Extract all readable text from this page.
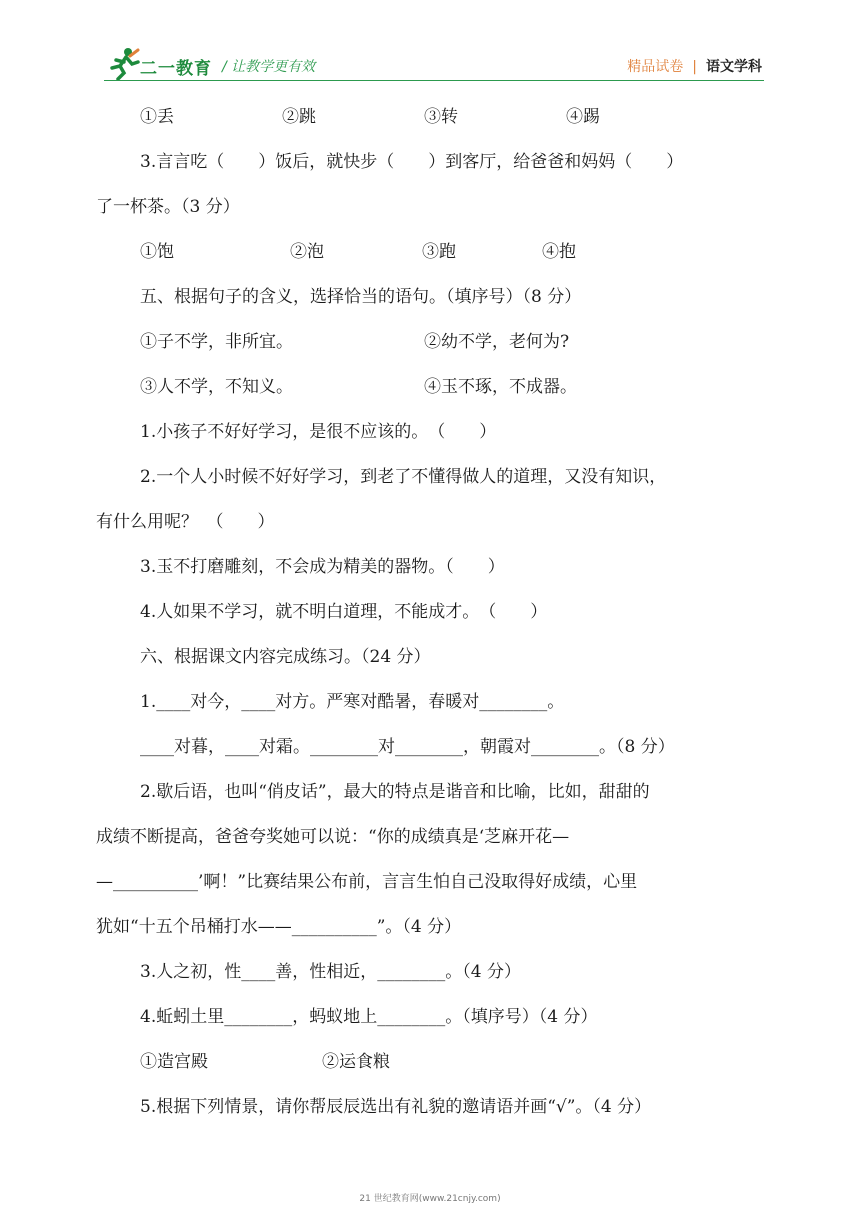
二一教育 / 让教学更有效	精品试卷 | 语文学科
①丢	②跳	③转	④踢
3.言言吃（　　）饭后，就快步（　　）到客厅，给爸爸和妈妈（　　）
了一杯茶。（3 分）
①饱	②泡	③跑	④抱
五、根据句子的含义，选择恰当的语句。（填序号）（8 分）
①子不学，非所宜。	②幼不学，老何为?
③人不学，不知义。	④玉不琢，不成器。
1.小孩子不好好学习，是很不应该的。　（　　）
2.一个人小时候不好好学习，到老了不懂得做人的道理，又没有知识，
有什么用呢？　（　　）
3.玉不打磨雕刻，不会成为精美的器物。（　　）
4.人如果不学习，就不明白道理，不能成才。　（　　）
六、根据课文内容完成练习。（24 分）
1.____对今，____对方。严寒对酷暑，春暖对________。
____对暮，____对霜。________对________，朝霞对________。（8 分）
2.歇后语，也叫“俏皮话”，最大的特点是谐音和比喻，比如，甜甜的
成绩不断提高，爸爸夸奖她可以说：“你的成绩真是‘芝麻开花—
—__________’啊！”比赛结果公布前，言言生怕自己没取得好成绩，心里
犹如“十五个吊桶打水——__________”。（4 分）
3.人之初，性____善，性相近，________。（4 分）
4.蚯蚓土里________，蚂蚁地上________。（填序号）（4 分）
①造宫殿	②运食粮
5.根据下列情景，请你帮辰辰选出有礼貌的邀请语并画“√”。（4 分）
21 世纪教育网(www.21cnjy.com)
